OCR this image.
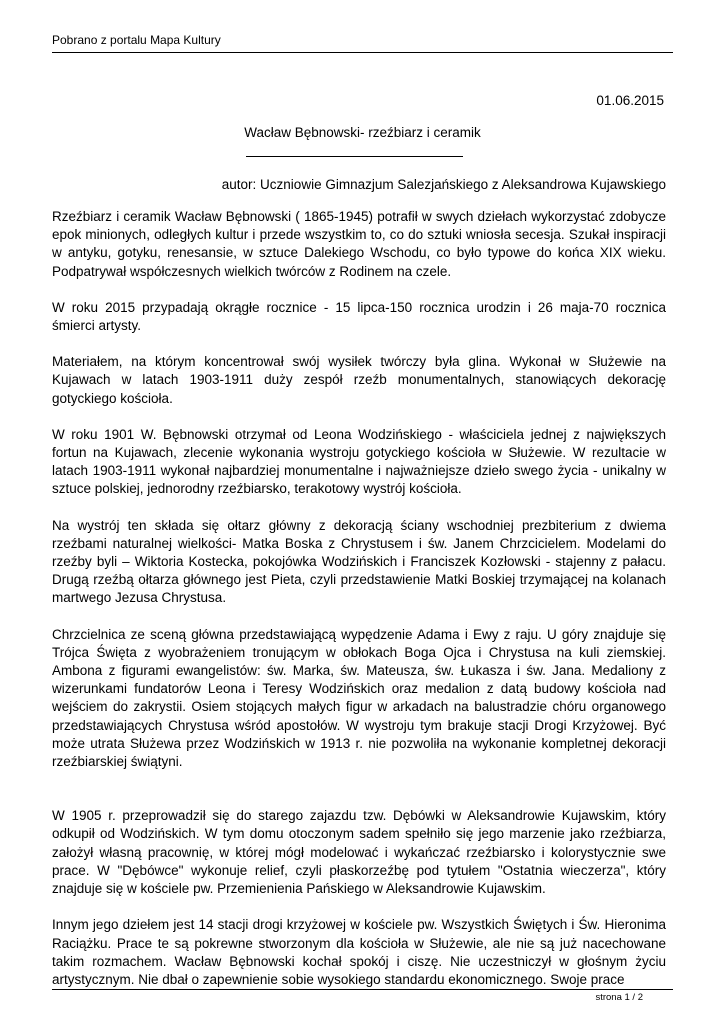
Pobrano z portalu Mapa Kultury
01.06.2015
Wacław Bębnowski- rzeźbiarz i ceramik
autor: Uczniowie Gimnazjum Salezjańskiego z Aleksandrowa Kujawskiego

Rzeźbiarz i ceramik Wacław Bębnowski ( 1865-1945) potrafił w swych dziełach wykorzystać zdobycze epok minionych, odległych kultur i przede wszystkim to, co do sztuki wniosła secesja. Szukał inspiracji w antyku, gotyku, renesansie, w sztuce Dalekiego Wschodu, co było typowe do końca XIX wieku. Podpatrywał współczesnych wielkich twórców z Rodinem na czele.

W roku 2015 przypadają okrągłe rocznice - 15 lipca-150 rocznica urodzin i 26 maja-70 rocznica śmierci artysty.

Materiałem, na którym koncentrował swój wysiłek twórczy była glina. Wykonał w Służewie na Kujawach w latach 1903-1911 duży zespół rzeźb monumentalnych, stanowiących dekorację gotyckiego kościoła.

W roku 1901 W. Bębnowski otrzymał od Leona Wodzińskiego - właściciela jednej z największych fortun na Kujawach, zlecenie wykonania wystroju gotyckiego kościoła w Służewie. W rezultacie w latach 1903-1911 wykonał najbardziej monumentalne i najważniejsze dzieło swego życia - unikalny w sztuce polskiej, jednorodny rzeźbiarsko, terakotowy wystrój kościoła.

Na wystrój ten składa się ołtarz główny z dekoracją ściany wschodniej prezbiterium z dwiema rzeźbami naturalnej wielkości- Matka Boska z Chrystusem i św. Janem Chrzcicielem. Modelami do rzeźby byli – Wiktoria Kostecka, pokojówka Wodzińskich i Franciszek Kozłowski - stajenny z pałacu. Drugą rzeźbą ołtarza głównego jest Pieta, czyli przedstawienie Matki Boskiej trzymającej na kolanach martwego Jezusa Chrystusa.

Chrzcielnica ze sceną główna przedstawiającą wypędzenie Adama i Ewy z raju. U góry znajduje się Trójca Święta z wyobrażeniem tronującym w obłokach Boga Ojca i Chrystusa na kuli ziemskiej. Ambona z figurami ewangelistów: św. Marka, św. Mateusza, św. Łukasza i św. Jana. Medaliony z wizerunkami fundatorów Leona i Teresy Wodzińskich oraz medalion z datą budowy kościoła nad wejściem do zakrystii. Osiem stojących małych figur w arkadach na balustradzie chóru organowego przedstawiających Chrystusa wśród apostołów. W wystroju tym brakuje stacji Drogi Krzyżowej. Być może utrata Służewa przez Wodzińskich w 1913 r. nie pozwoliła na wykonanie kompletnej dekoracji rzeźbiarskiej świątyni.

W 1905 r. przeprowadził się do starego zajazdu tzw. Dębówki w Aleksandrowie Kujawskim, który odkupił od Wodzińskich. W tym domu otoczonym sadem spełniło się jego marzenie jako rzeźbiarza, założył własną pracownię, w której mógł modelować i wykańczać rzeźbiarsko i kolorystycznie swe prace. W "Dębówce" wykonuje relief, czyli płaskorzeźbę pod tytułem "Ostatnia wieczerza", który znajduje się w kościele pw. Przemienienia Pańskiego w Aleksandrowie Kujawskim.

Innym jego dziełem jest 14 stacji drogi krzyżowej w kościele pw. Wszystkich Świętych i Św. Hieronima Raciążku. Prace te są pokrewne stworzonym dla kościoła w Służewie, ale nie są już nacechowane takim rozmachem. Wacław Bębnowski kochał spokój i ciszę. Nie uczestniczył w głośnym życiu artystycznym. Nie dbał o zapewnienie sobie wysokiego standardu ekonomicznego. Swoje prace

strona 1 / 2
